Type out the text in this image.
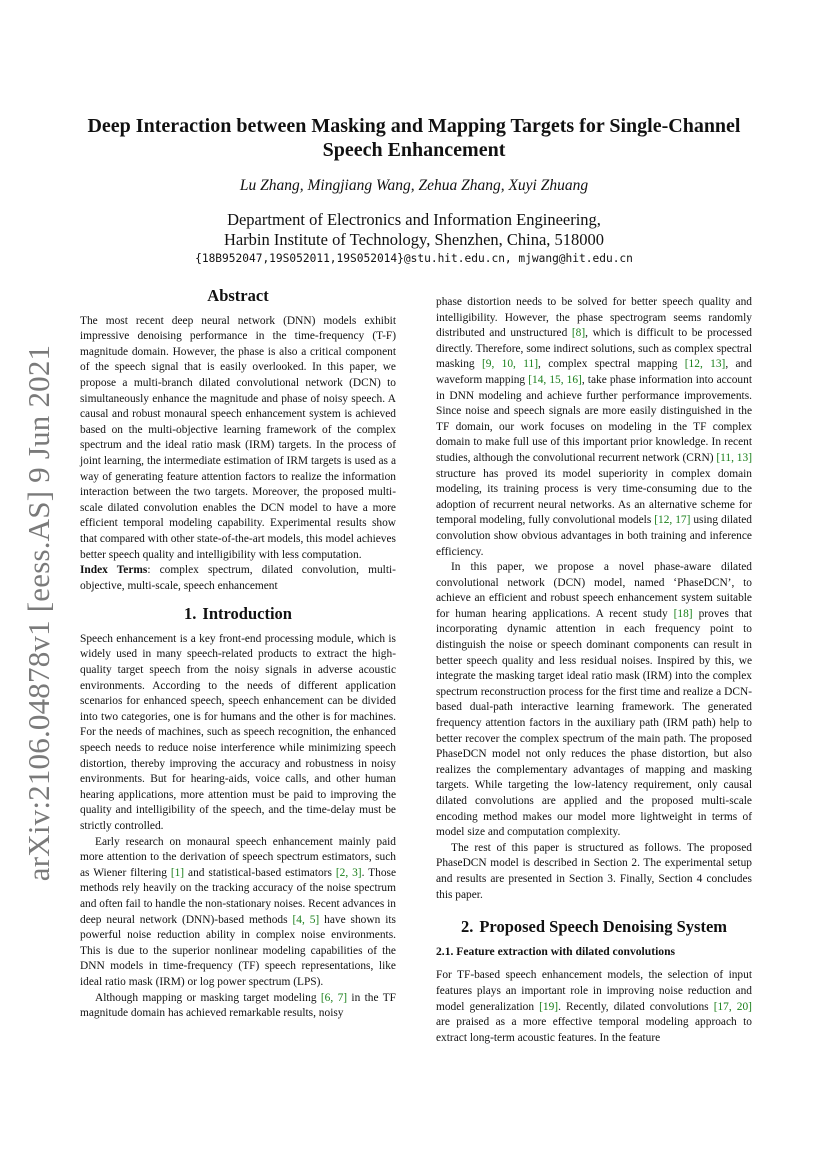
arXiv:2106.04878v1 [eess.AS] 9 Jun 2021
Deep Interaction between Masking and Mapping Targets for Single-Channel
Speech Enhancement
Lu Zhang, Mingjiang Wang, Zehua Zhang, Xuyi Zhuang
Department of Electronics and Information Engineering,
Harbin Institute of Technology, Shenzhen, China, 518000
{18B952047,19S052011,19S052014}@stu.hit.edu.cn, mjwang@hit.edu.cn
Abstract

The most recent deep neural network (DNN) models exhibit impressive denoising performance in the time-frequency (T-F) magnitude domain. However, the phase is also a critical component of the speech signal that is easily overlooked. In this paper, we propose a multi-branch dilated convolutional network (DCN) to simultaneously enhance the magnitude and phase of noisy speech. A causal and robust monaural speech enhancement system is achieved based on the multi-objective learning framework of the complex spectrum and the ideal ratio mask (IRM) targets. In the process of joint learning, the intermediate estimation of IRM targets is used as a way of generating feature attention factors to realize the information interaction between the two targets. Moreover, the proposed multi-scale dilated convolution enables the DCN model to have a more efficient temporal modeling capability. Experimental results show that compared with other state-of-the-art models, this model achieves better speech quality and intelligibility with less computation.

Index Terms: complex spectrum, dilated convolution, multi-objective, multi-scale, speech enhancement

1. Introduction

Speech enhancement is a key front-end processing module, which is widely used in many speech-related products to extract the high-quality target speech from the noisy signals in adverse acoustic environments. According to the needs of different application scenarios for enhanced speech, speech enhancement can be divided into two categories, one is for humans and the other is for machines. For the needs of machines, such as speech recognition, the enhanced speech needs to reduce noise interference while minimizing speech distortion, thereby improving the accuracy and robustness in noisy environments. But for hearing-aids, voice calls, and other human hearing applications, more attention must be paid to improving the quality and intelligibility of the speech, and the time-delay must be strictly controlled.

Early research on monaural speech enhancement mainly paid more attention to the derivation of speech spectrum estimators, such as Wiener filtering [1] and statistical-based estimators [2, 3]. Those methods rely heavily on the tracking accuracy of the noise spectrum and often fail to handle the non-stationary noises. Recent advances in deep neural network (DNN)-based methods [4, 5] have shown its powerful noise reduction ability in complex noise environments. This is due to the superior nonlinear modeling capabilities of the DNN models in time-frequency (TF) speech representations, like ideal ratio mask (IRM) or log power spectrum (LPS).

Although mapping or masking target modeling [6, 7] in the TF magnitude domain has achieved remarkable results, noisy

phase distortion needs to be solved for better speech quality and intelligibility. However, the phase spectrogram seems randomly distributed and unstructured [8], which is difficult to be processed directly. Therefore, some indirect solutions, such as complex spectral masking [9, 10, 11], complex spectral mapping [12, 13], and waveform mapping [14, 15, 16], take phase information into account in DNN modeling and achieve further performance improvements. Since noise and speech signals are more easily distinguished in the TF domain, our work focuses on modeling in the TF complex domain to make full use of this important prior knowledge. In recent studies, although the convolutional recurrent network (CRN) [11, 13] structure has proved its model superiority in complex domain modeling, its training process is very time-consuming due to the adoption of recurrent neural networks. As an alternative scheme for temporal modeling, fully convolutional models [12, 17] using dilated convolution show obvious advantages in both training and inference efficiency.

In this paper, we propose a novel phase-aware dilated convolutional network (DCN) model, named ‘PhaseDCN’, to achieve an efficient and robust speech enhancement system suitable for human hearing applications. A recent study [18] proves that incorporating dynamic attention in each frequency point to distinguish the noise or speech dominant components can result in better speech quality and less residual noises. Inspired by this, we integrate the masking target ideal ratio mask (IRM) into the complex spectrum reconstruction process for the first time and realize a DCN-based dual-path interactive learning framework. The generated frequency attention factors in the auxiliary path (IRM path) help to better recover the complex spectrum of the main path. The proposed PhaseDCN model not only reduces the phase distortion, but also realizes the complementary advantages of mapping and masking targets. While targeting the low-latency requirement, only causal dilated convolutions are applied and the proposed multi-scale encoding method makes our model more lightweight in terms of model size and computation complexity.

The rest of this paper is structured as follows. The proposed PhaseDCN model is described in Section 2. The experimental setup and results are presented in Section 3. Finally, Section 4 concludes this paper.

2. Proposed Speech Denoising System
2.1. Feature extraction with dilated convolutions

For TF-based speech enhancement models, the selection of input features plays an important role in improving noise reduction and model generalization [19]. Recently, dilated convolutions [17, 20] are praised as a more effective temporal modeling approach to extract long-term acoustic features. In the feature
